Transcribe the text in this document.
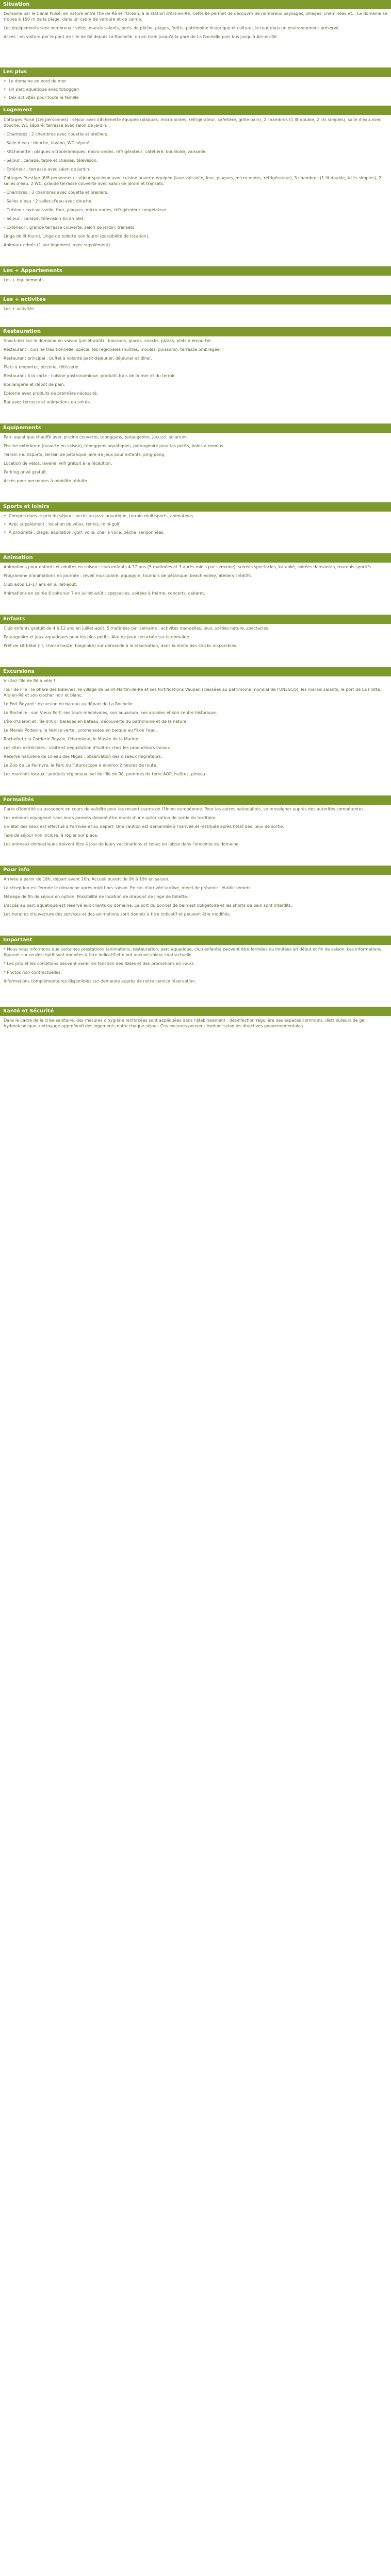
Situation

Domaine par le Canal Pulsé, en nature entre l'Ile de Ré et l'Océan, à la station d'Ars-en-Ré. Cette ile permet de découvrir de nombreux paysages, villages, cheminées et... Le domaine se trouve à 150 m de la plage, dans un cadre de verdure et de calme.

Les équipements sont nombreux : vélos, marais salants, ports de pêche, plages, forêts, patrimoine historique et culturel, le tout dans un environnement préservé.

Accès : en voiture par le pont de l'Ile de Ré depuis La Rochelle, ou en train jusqu'à la gare de La Rochelle puis bus jusqu'à Ars-en-Ré.

Les plus
• Le domaine en bord de mer
• Un parc aquatique avec toboggan
• Des activités pour toute la famille
Logement

Cottages Pulsé (4/6 personnes) : séjour avec kitchenette équipée (plaques, micro-ondes, réfrigérateur, cafetière, grille-pain), 2 chambres (1 lit double, 2 lits simples), salle d'eau avec douche, WC séparé, terrasse avec salon de jardin.

- Chambres : 2 chambres avec couette et oreillers.

- Salle d'eau : douche, lavabo, WC séparé.

- Kitchenette : plaques vitrocéramiques, micro-ondes, réfrigérateur, cafetière, bouilloire, vaisselle.

- Séjour : canapé, table et chaises, télévision.

- Extérieur : terrasse avec salon de jardin.

Cottages Prestige (6/8 personnes) : séjour spacieux avec cuisine ouverte équipée (lave-vaisselle, four, plaques, micro-ondes, réfrigérateur), 3 chambres (1 lit double, 4 lits simples), 2 salles d'eau, 2 WC, grande terrasse couverte avec salon de jardin et transats.

- Chambres : 3 chambres avec couette et oreillers.

- Salles d'eau : 2 salles d'eau avec douche.

- Cuisine : lave-vaisselle, four, plaques, micro-ondes, réfrigérateur-congélateur.

- Séjour : canapé, télévision écran plat.

- Extérieur : grande terrasse couverte, salon de jardin, transats.

Linge de lit fourni. Linge de toilette non fourni (possibilité de location).

Animaux admis (1 par logement, avec supplément).

Les + Appartements

Les + équipements

Les + activités

Les + activités

Restauration

Snack-bar sur le domaine en saison (juillet-août) : boissons, glaces, snacks, pizzas, plats à emporter.

Restaurant : cuisine traditionnelle, spécialités régionales (huîtres, moules, poissons), terrasse ombragée.

Restaurant principal : buffet à volonté petit-déjeuner, déjeuner et dîner.

Plats à emporter, pizzeria, rôtisserie.

Restaurant à la carte : cuisine gastronomique, produits frais de la mer et du terroir.

Boulangerie et dépôt de pain.

Épicerie avec produits de première nécessité.

Bar avec terrasse et animations en soirée.

Équipements

Parc aquatique chauffé avec piscine couverte, toboggans, pataugeoire, jacuzzi, solarium.

Piscine extérieure (ouverte en saison), toboggans aquatiques, pataugeoire pour les petits, bains à remous.

Terrain multisports, terrain de pétanque, aire de jeux pour enfants, ping-pong.

Location de vélos, laverie, wifi gratuit à la réception.

Parking privé gratuit.

Accès pour personnes à mobilité réduite.

Sports et loisirs
• Compris dans le prix du séjour : accès au parc aquatique, terrain multisports, animations.
• Avec supplément : location de vélos, tennis, mini-golf.
• À proximité : plage, équitation, golf, voile, char à voile, pêche, randonnées.
Animation

Animations pour enfants et adultes en saison : club enfants 4-12 ans (5 matinées et 3 après-midis par semaine), soirées spectacles, karaoké, soirées dansantes, tournois sportifs.

Programme d'animations en journée : réveil musculaire, aquagym, tournois de pétanque, beach-volley, ateliers créatifs.

Club ados 13-17 ans en juillet-août.

Animations en soirée 6 soirs sur 7 en juillet-août : spectacles, soirées à thème, concerts, cabaret.

Enfants

Club enfants gratuit de 4 à 12 ans en juillet-août, 5 matinées par semaine : activités manuelles, jeux, sorties nature, spectacles.

Pataugeoire et jeux aquatiques pour les plus petits. Aire de jeux sécurisée sur le domaine.

Prêt de kit bébé (lit, chaise haute, baignoire) sur demande à la réservation, dans la limite des stocks disponibles.

Excursions

Visitez l'île de Ré à vélo !

Tour de l'île : le phare des Baleines, le village de Saint-Martin-de-Ré et ses fortifications Vauban (classées au patrimoine mondial de l'UNESCO), les marais salants, le port de La Flotte, Ars-en-Ré et son clocher noir et blanc.

Le Fort Boyard : excursion en bateau au départ de La Rochelle.

La Rochelle : son Vieux Port, ses tours médiévales, son aquarium, ses arcades et son centre historique.

L'île d'Oléron et l'île d'Aix : balades en bateau, découverte du patrimoine et de la nature.

Le Marais Poitevin, la Venise verte : promenades en barque au fil de l'eau.

Rochefort : la Corderie Royale, l'Hermione, le Musée de la Marine.

Les sites ostréicoles : visite et dégustation d'huîtres chez les producteurs locaux.

Réserve naturelle de Lilleau des Niges : observation des oiseaux migrateurs.

Le Zoo de La Palmyre, le Parc du Futuroscope à environ 2 heures de route.

Les marchés locaux : produits régionaux, sel de l'île de Ré, pommes de terre AOP, huîtres, pineau.

Formalités

Carte d'identité ou passeport en cours de validité pour les ressortissants de l'Union européenne. Pour les autres nationalités, se renseigner auprès des autorités compétentes.

Les mineurs voyageant sans leurs parents doivent être munis d'une autorisation de sortie du territoire.

Un état des lieux est effectué à l'arrivée et au départ. Une caution est demandée à l'arrivée et restituée après l'état des lieux de sortie.

Taxe de séjour non incluse, à régler sur place.

Les animaux domestiques doivent être à jour de leurs vaccinations et tenus en laisse dans l'enceinte du domaine.

Pour info

Arrivée à partir de 16h, départ avant 10h. Accueil ouvert de 9h à 19h en saison.

La réception est fermée le dimanche après-midi hors saison. En cas d'arrivée tardive, merci de prévenir l'établissement.

Ménage de fin de séjour en option. Possibilité de location de draps et de linge de toilette.

L'accès au parc aquatique est réservé aux clients du domaine. Le port du bonnet de bain est obligatoire et les shorts de bain sont interdits.

Les horaires d'ouverture des services et des animations sont donnés à titre indicatif et peuvent être modifiés.

Important

* Nous vous informons que certaines prestations (animations, restauration, parc aquatique, club enfants) peuvent être fermées ou limitées en début et fin de saison. Les informations figurant sur ce descriptif sont données à titre indicatif et n'ont aucune valeur contractuelle.

* Les prix et les conditions peuvent varier en fonction des dates et des promotions en cours.

* Photos non contractuelles.

Informations complémentaires disponibles sur demande auprès de notre service réservation.

Santé et Sécurité

Dans le cadre de la crise sanitaire, des mesures d'hygiène renforcées sont appliquées dans l'établissement : désinfection régulière des espaces communs, distributeurs de gel hydroalcoolique, nettoyage approfondi des logements entre chaque séjour. Ces mesures peuvent évoluer selon les directives gouvernementales.
